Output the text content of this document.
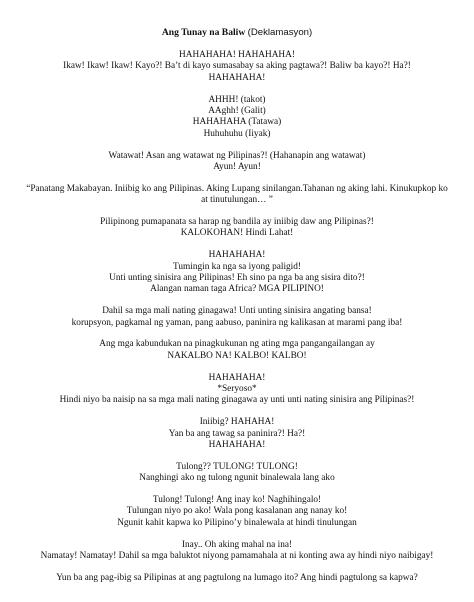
Ang Tunay na Baliw (Deklamasyon)
HAHAHAHA! HAHAHAHA!
Ikaw! Ikaw! Ikaw! Kayo?! Ba’t di kayo sumasabay sa aking pagtawa?! Baliw ba kayo?! Ha?!
HAHAHAHA!
AHHH! (takot)
AAghh! (Galit)
HAHAHAHA (Tatawa)
Huhuhuhu (Iiyak)
Watawat! Asan ang watawat ng Pilipinas?! (Hahanapin ang watawat)
Ayun! Ayun!
“Panatang Makabayan. Iniibig ko ang Pilipinas. Aking Lupang sinilangan.Tahanan ng aking lahi. Kinukupkop ko at tinutulungan… ”
Pilipinong pumapanata sa harap ng bandila ay iniibig daw ang Pilipinas?!
KALOKOHAN! Hindi Lahat!
HAHAHAHA!
Tumingin ka nga sa iyong paligid!
Unti unting sinisira ang Pilipinas! Eh sino pa nga ba ang sisira dito?!
Alangan naman taga Africa? MGA PILIPINO!
Dahil sa mga mali nating ginagawa! Unti unting sinisira angating bansa!
korupsyon, pagkamal ng yaman, pang aabuso, paninira ng kalikasan at marami pang iba!
Ang mga kabundukan na pinagkukunan ng ating mga pangangailangan ay
NAKALBO NA! KALBO! KALBO!
HAHAHAHA!
*Seryoso*
Hindi niyo ba naisip na sa mga mali nating ginagawa ay unti unti nating sinisira ang Pilipinas?!
Iniibig? HAHAHA!
Yan ba ang tawag sa paninira?! Ha?!
HAHAHAHA!
Tulong?? TULONG! TULONG!
Nanghingi ako ng tulong ngunit binalewala lang ako
Tulong! Tulong! Ang inay ko! Naghihingalo!
Tulungan niyo po ako! Wala pong kasalanan ang nanay ko!
Ngunit kahit kapwa ko Pilipino’y binalewala at hindi tinulungan
Inay.. Oh aking mahal na ina!
Namatay! Namatay! Dahil sa mga baluktot niyong pamamahala at ni konting awa ay hindi niyo naibigay!
Yun ba ang pag-ibig sa Pilipinas at ang pagtulong na lumago ito? Ang hindi pagtulong sa kapwa?
